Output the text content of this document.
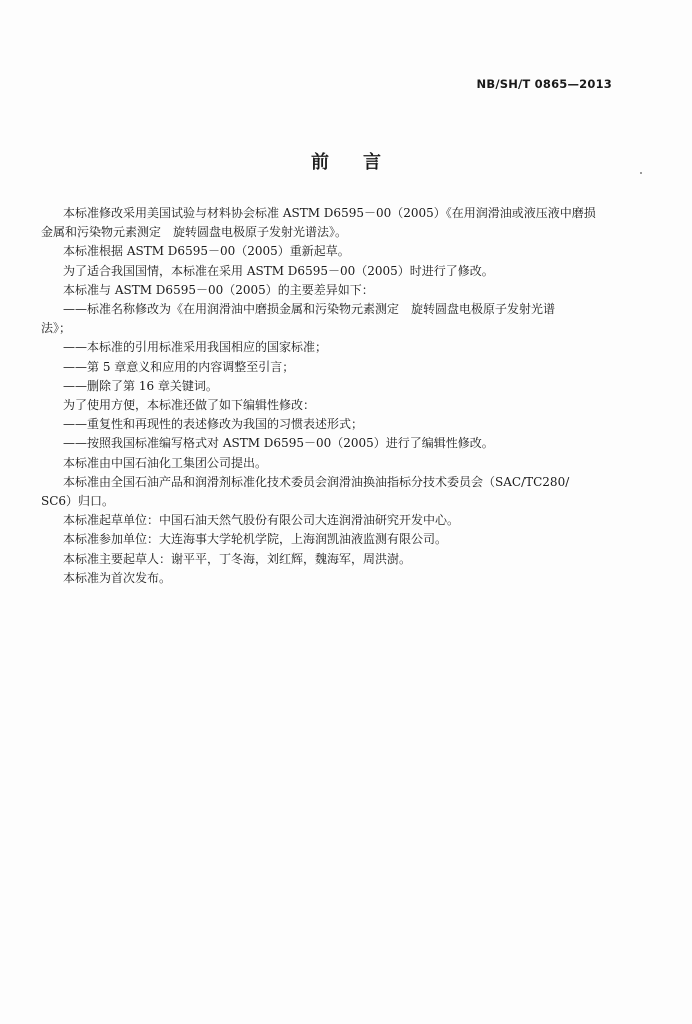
NB/SH/T 0865—2013
前言

本标准修改采用美国试验与材料协会标准 ASTM D6595－00（2005）《在用润滑油或液压液中磨损

金属和污染物元素测定　旋转圆盘电极原子发射光谱法》。

本标准根据 ASTM D6595－00（2005）重新起草。

为了适合我国国情，本标准在采用 ASTM D6595－00（2005）时进行了修改。

本标准与 ASTM D6595－00（2005）的主要差异如下：

——标准名称修改为《在用润滑油中磨损金属和污染物元素测定　旋转圆盘电极原子发射光谱

法》；

——本标准的引用标准采用我国相应的国家标准；

——第 5 章意义和应用的内容调整至引言；

——删除了第 16 章关键词。

为了使用方便，本标准还做了如下编辑性修改：

——重复性和再现性的表述修改为我国的习惯表述形式；

——按照我国标准编写格式对 ASTM D6595－00（2005）进行了编辑性修改。

本标准由中国石油化工集团公司提出。

本标准由全国石油产品和润滑剂标准化技术委员会润滑油换油指标分技术委员会（SAC/TC280/

SC6）归口。

本标准起草单位：中国石油天然气股份有限公司大连润滑油研究开发中心。

本标准参加单位：大连海事大学轮机学院，上海润凯油液监测有限公司。

本标准主要起草人：谢平平，丁冬海，刘红辉，魏海军，周洪澍。

本标准为首次发布。
